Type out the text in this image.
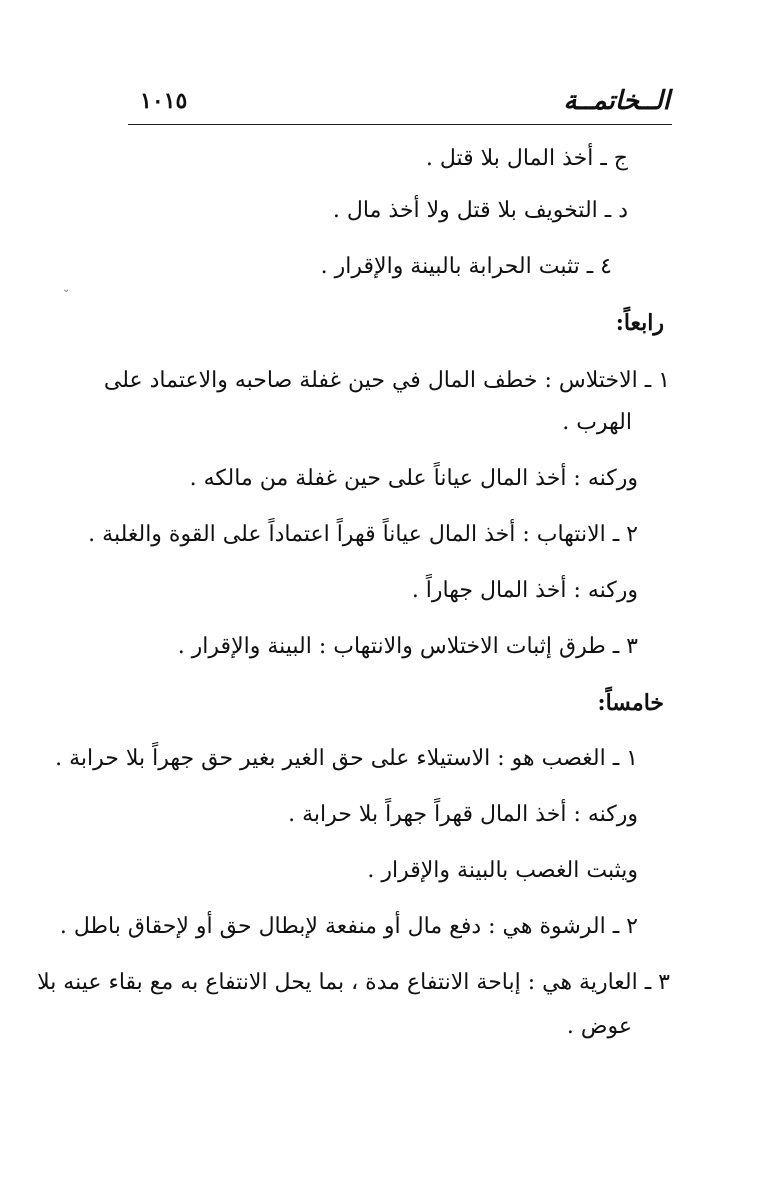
الــخاتمــة
١٠١٥
ج ـ أخذ المال بلا قتل .
د ـ التخويف بلا قتل ولا أخذ مال .
٤ ـ تثبت الحرابة بالبينة والإقرار .
رابعاً:
١ ـ الاختلاس : خطف المال في حين غفلة صاحبه والاعتماد على
الهرب .
وركنه : أخذ المال عياناً على حين غفلة من مالكه .
٢ ـ الانتهاب : أخذ المال عياناً قهراً اعتماداً على القوة والغلبة .
وركنه : أخذ المال جهاراً .
٣ ـ طرق إثبات الاختلاس والانتهاب : البينة والإقرار .
خامساً:
١ ـ الغصب هو : الاستيلاء على حق الغير بغير حق جهراً بلا حرابة .
وركنه : أخذ المال قهراً جهراً بلا حرابة .
ويثبت الغصب بالبينة والإقرار .
٢ ـ الرشوة هي : دفع مال أو منفعة لإبطال حق أو لإحقاق باطل .
٣ ـ العارية هي : إباحة الانتفاع مدة ، بما يحل الانتفاع به مع بقاء عينه بلا
عوض .
⌄
